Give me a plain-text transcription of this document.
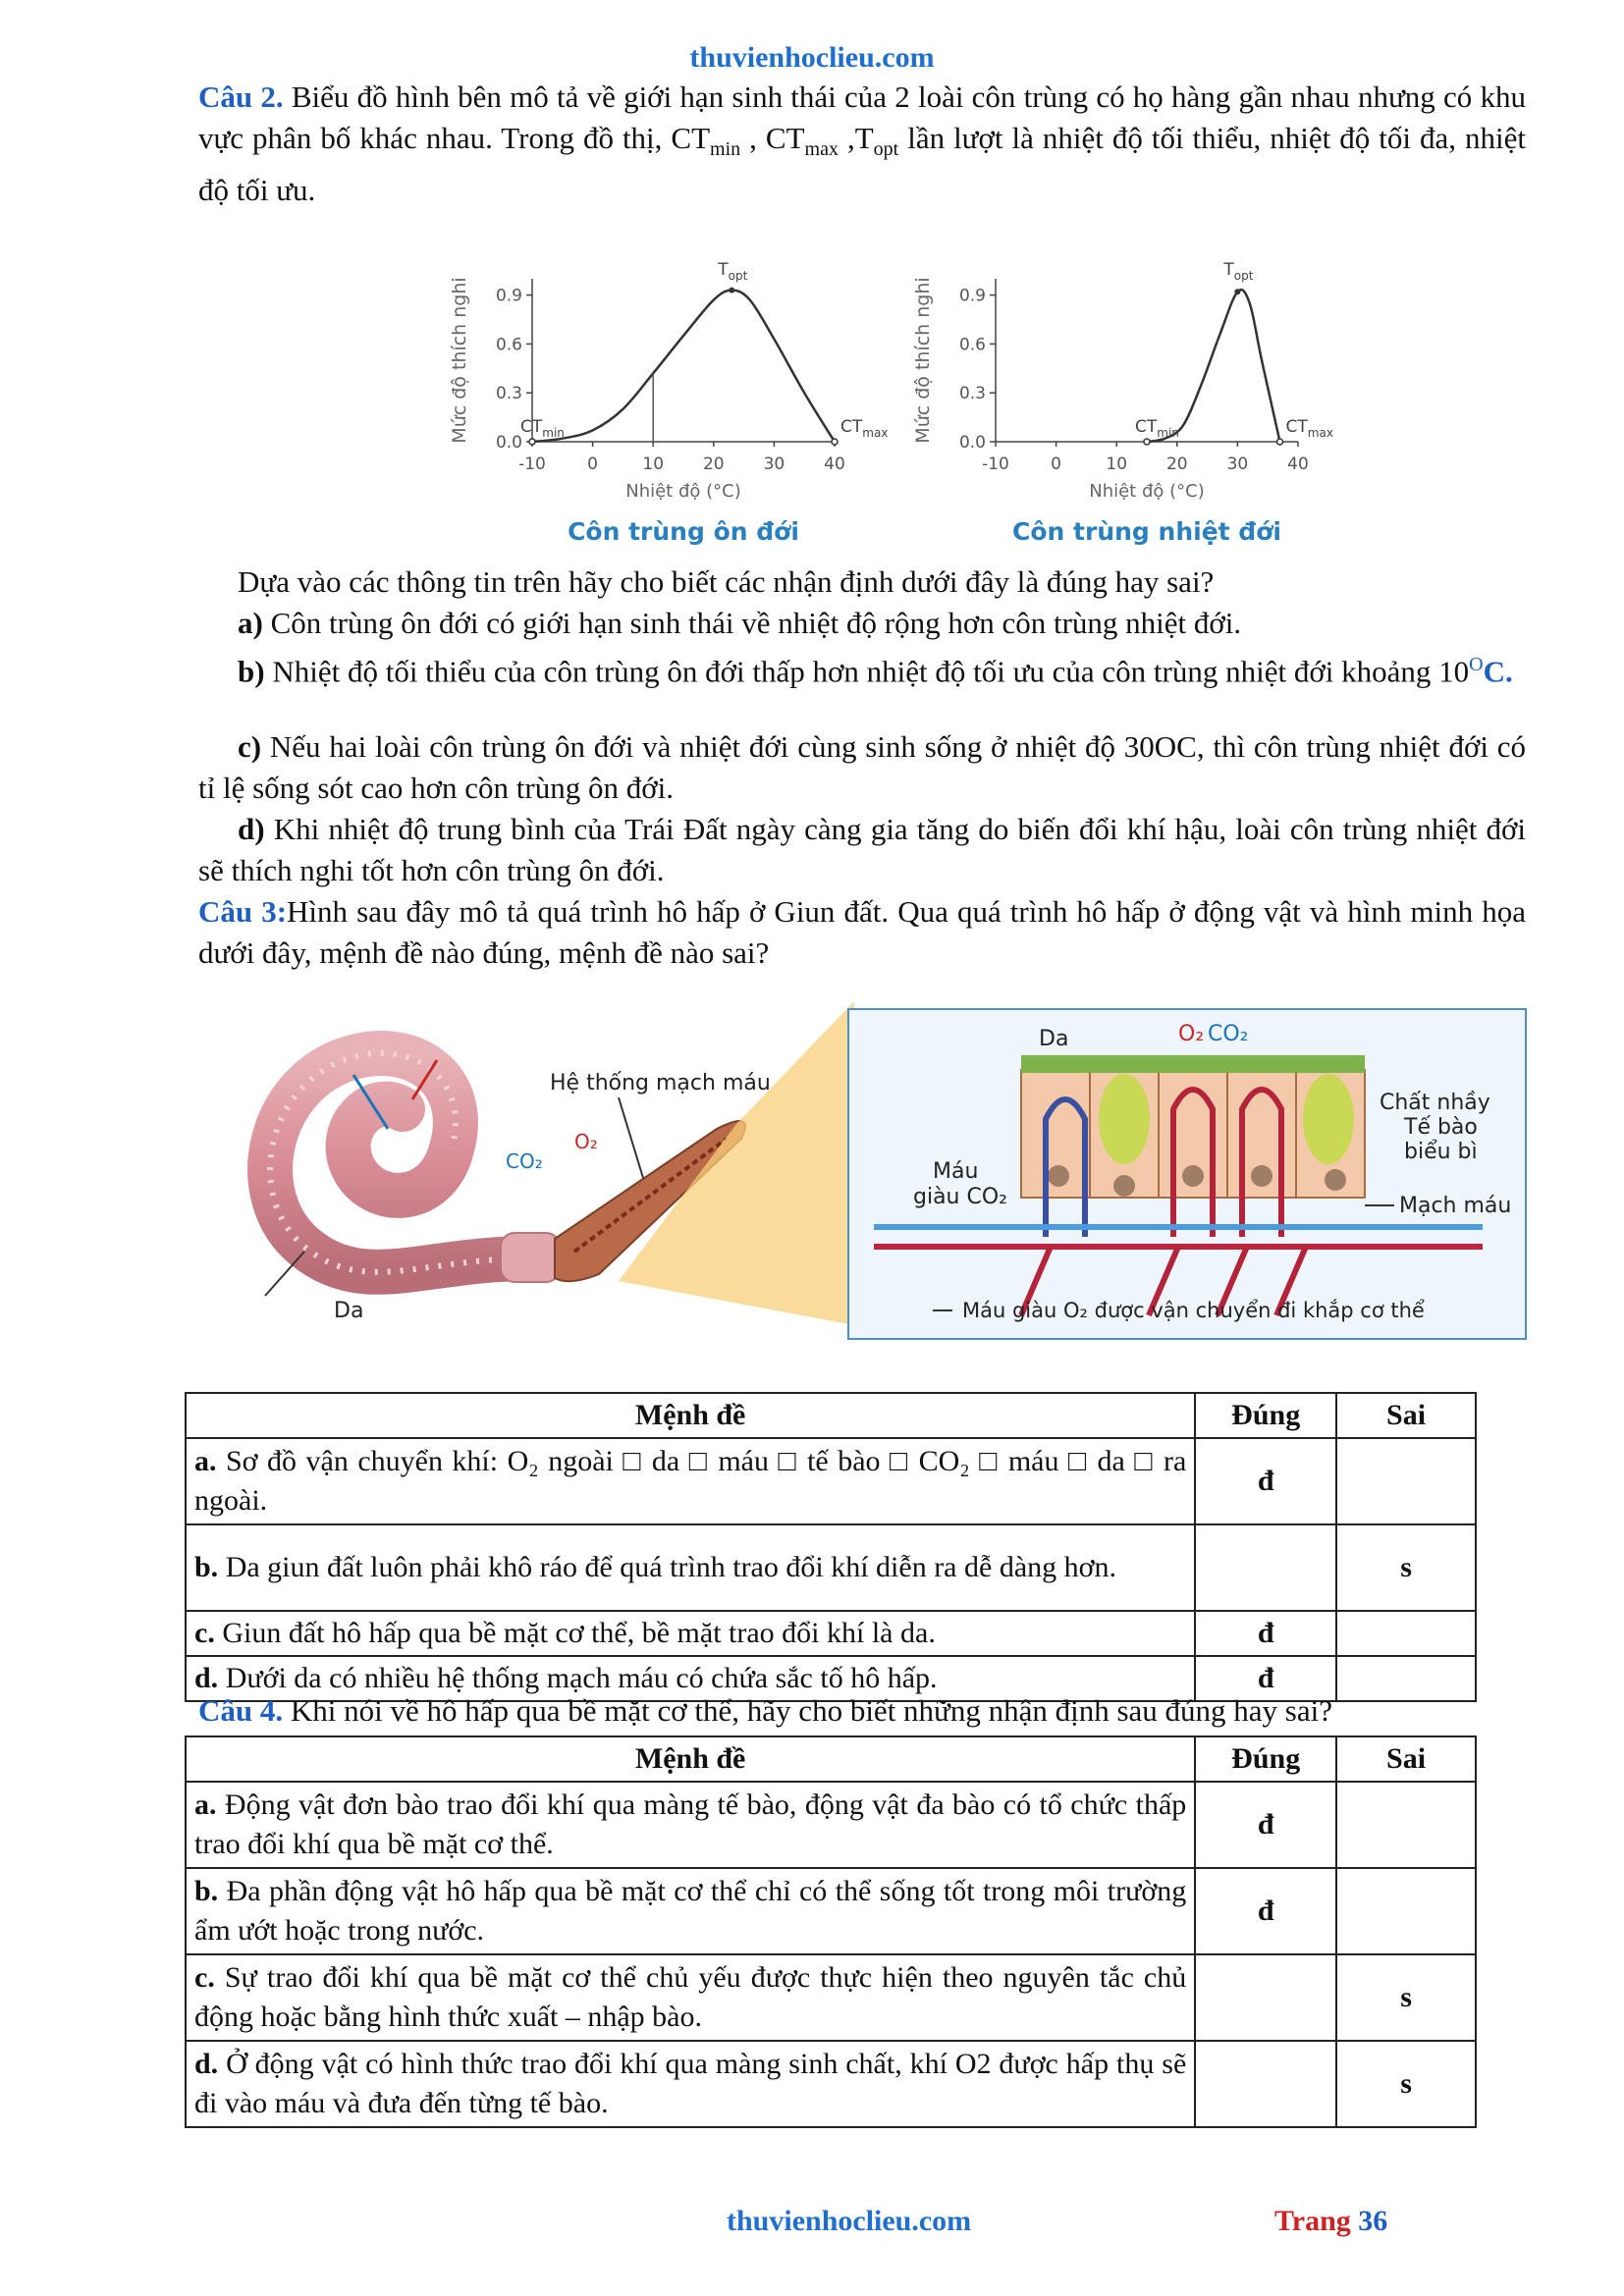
thuvienhoclieu.com
Câu 2. Biểu đồ hình bên mô tả về giới hạn sinh thái của 2 loài côn trùng có họ hàng gần nhau nhưng có khu vực phân bố khác nhau. Trong đồ thị, $CT_{min}$ , $CT_{max}$ $,T_{opt}$ lần lượt là nhiệt độ tối thiểu, nhiệt độ tối đa, nhiệt độ tối ưu.
0.0
0.3
0.6
0.9
-10 0	10 20 30 40
$CT_{min}$	$CT_{max}$
$T_{opt}$
Mức độ thích nghi
Nhiệt độ (°C)
Côn trùng ôn đới
0.0
0.3
0.6
0.9
-10 0	10 20 30 40
$CT_{min}$	$CT_{max}$
$T_{opt}$
Mức độ thích nghi
Nhiệt độ (°C)
Côn trùng nhiệt đới
Dựa vào các thông tin trên hãy cho biết các nhận định dưới đây là đúng hay sai?
a) Côn trùng ôn đới có giới hạn sinh thái về nhiệt độ rộng hơn côn trùng nhiệt đới.
b) Nhiệt độ tối thiểu của côn trùng ôn đới thấp hơn nhiệt độ tối ưu của côn trùng nhiệt đới khoảng $10^OC$.
c) Nếu hai loài côn trùng ôn đới và nhiệt đới cùng sinh sống ở nhiệt độ 30OC, thì côn trùng nhiệt đới có tỉ lệ sống sót cao hơn côn trùng ôn đới.
d) Khi nhiệt độ trung bình của Trái Đất ngày càng gia tăng do biến đổi khí hậu, loài côn trùng nhiệt đới sẽ thích nghi tốt hơn côn trùng ôn đới.
Câu 3:Hình sau đây mô tả quá trình hô hấp ở Giun đất. Qua quá trình hô hấp ở động vật và hình minh họa dưới đây, mệnh đề nào đúng, mệnh đề nào sai?
Hệ thống mạch máu
CO₂
O₂
Da
Da	O₂ CO₂
Chất nhầy
Tế bào
biểu bì
Máu
giàu CO₂	Mạch máu
Máu giàu O₂ được vận chuyển đi khắp cơ thể
Mệnh đề	Đúng	Sai
a. Sơ đồ vận chuyển khí: O₂ ngoài □ da □ máu □ tế bào □ CO₂ □ máu □ da □ ra ngoài.	đ	
b. Da giun đất luôn phải khô ráo để quá trình trao đổi khí diễn ra dễ dàng hơn.		s
c. Giun đất hô hấp qua bề mặt cơ thể, bề mặt trao đổi khí là da.	đ	
d. Dưới da có nhiều hệ thống mạch máu có chứa sắc tố hô hấp.	đ	
Câu 4. Khi nói về hô hấp qua bề mặt cơ thể, hãy cho biết những nhận định sau đúng hay sai?
Mệnh đề	Đúng	Sai
a. Động vật đơn bào trao đổi khí qua màng tế bào, động vật đa bào có tổ chức thấp trao đổi khí qua bề mặt cơ thể.	đ	
b. Đa phần động vật hô hấp qua bề mặt cơ thể chỉ có thể sống tốt trong môi trường ẩm ướt hoặc trong nước.	đ	
c. Sự trao đổi khí qua bề mặt cơ thể chủ yếu được thực hiện theo nguyên tắc chủ động hoặc bằng hình thức xuất – nhập bào.		s
d. Ở động vật có hình thức trao đổi khí qua màng sinh chất, khí O2 được hấp thụ sẽ đi vào máu và đưa đến từng tế bào.		s
thuvienhoclieu.com	Trang 36
